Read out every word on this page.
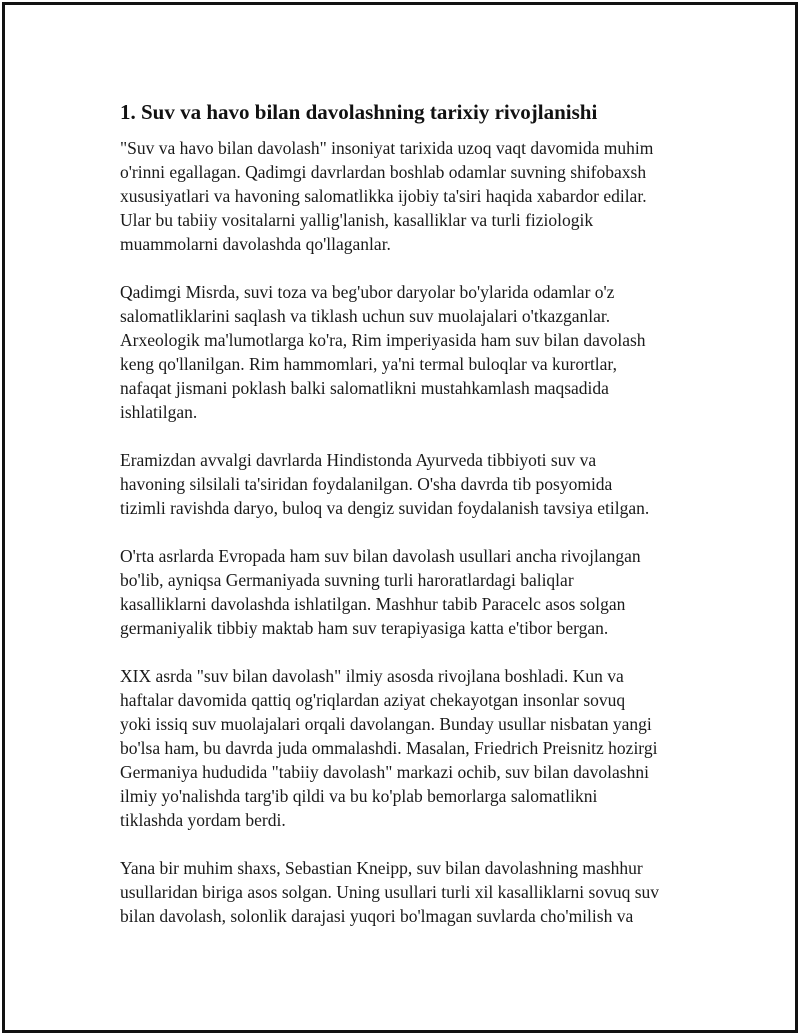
1. Suv va havo bilan davolashning tarixiy rivojlanishi
"Suv va havo bilan davolash" insoniyat tarixida uzoq vaqt davomida muhim
o'rinni egallagan. Qadimgi davrlardan boshlab odamlar suvning shifobaxsh
xususiyatlari va havoning salomatlikka ijobiy ta'siri haqida xabardor edilar.
Ular bu tabiiy vositalarni yallig'lanish, kasalliklar va turli fiziologik
muammolarni davolashda qo'llaganlar.
Qadimgi Misrda, suvi toza va beg'ubor daryolar bo'ylarida odamlar o'z
salomatliklarini saqlash va tiklash uchun suv muolajalari o'tkazganlar.
Arxeologik ma'lumotlarga ko'ra, Rim imperiyasida ham suv bilan davolash
keng qo'llanilgan. Rim hammomlari, ya'ni termal buloqlar va kurortlar,
nafaqat jismani poklash balki salomatlikni mustahkamlash maqsadida
ishlatilgan.
Eramizdan avvalgi davrlarda Hindistonda Ayurveda tibbiyoti suv va
havoning silsilali ta'siridan foydalanilgan. O'sha davrda tib posyomida
tizimli ravishda daryo, buloq va dengiz suvidan foydalanish tavsiya etilgan.
O'rta asrlarda Evropada ham suv bilan davolash usullari ancha rivojlangan
bo'lib, ayniqsa Germaniyada suvning turli haroratlardagi baliqlar
kasalliklarni davolashda ishlatilgan. Mashhur tabib Paracelc asos solgan
germaniyalik tibbiy maktab ham suv terapiyasiga katta e'tibor bergan.
XIX asrda "suv bilan davolash" ilmiy asosda rivojlana boshladi. Kun va
haftalar davomida qattiq og'riqlardan aziyat chekayotgan insonlar sovuq
yoki issiq suv muolajalari orqali davolangan. Bunday usullar nisbatan yangi
bo'lsa ham, bu davrda juda ommalashdi. Masalan, Friedrich Preisnitz hozirgi
Germaniya hududida "tabiiy davolash" markazi ochib, suv bilan davolashni
ilmiy yo'nalishda targ'ib qildi va bu ko'plab bemorlarga salomatlikni
tiklashda yordam berdi.
Yana bir muhim shaxs, Sebastian Kneipp, suv bilan davolashning mashhur
usullaridan biriga asos solgan. Uning usullari turli xil kasalliklarni sovuq suv
bilan davolash, solonlik darajasi yuqori bo'lmagan suvlarda cho'milish va
